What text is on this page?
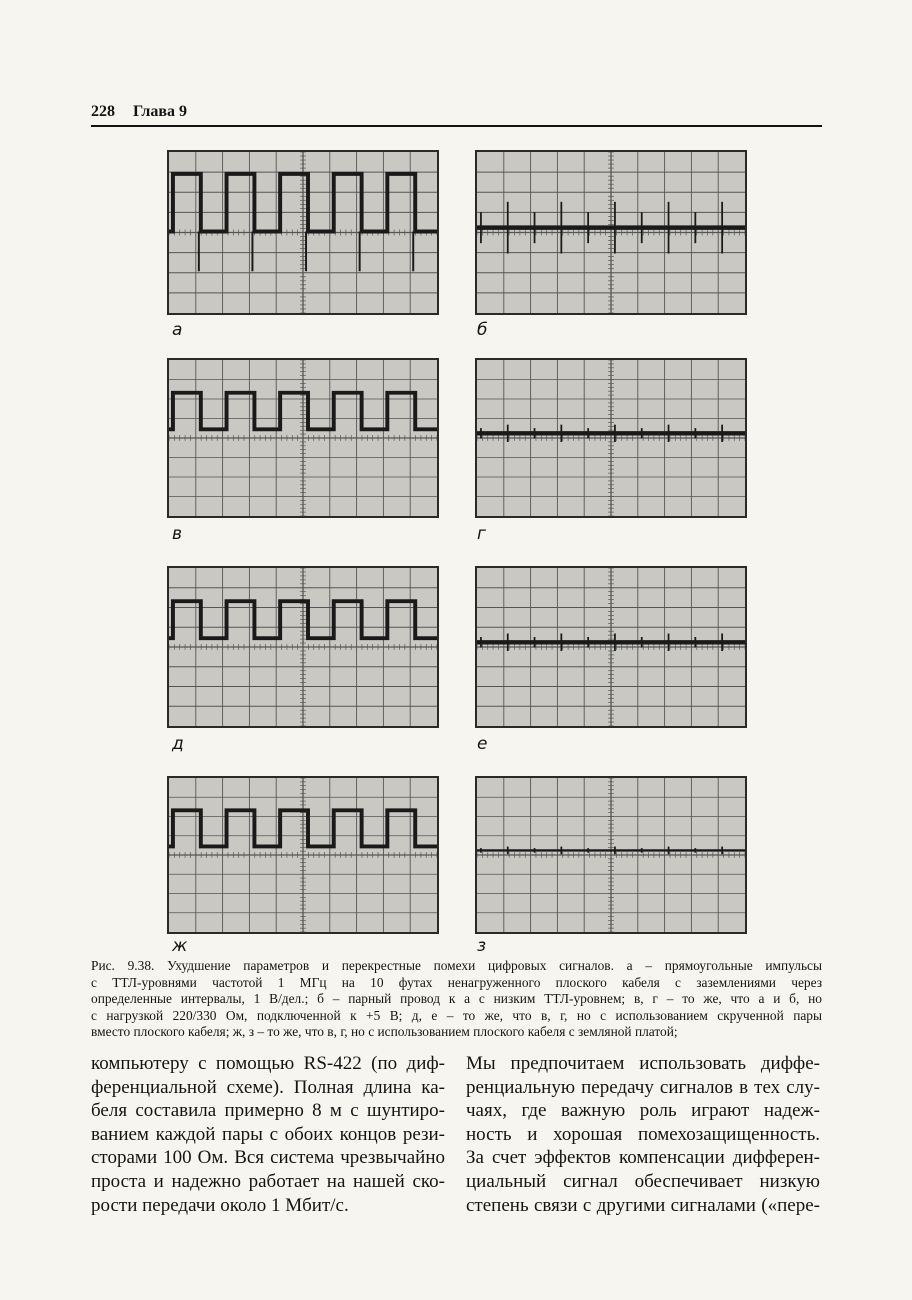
228 Глава 9
а	б
в	г
д	е
ж	з
Рис. 9.38. Ухудшение параметров и перекрестные помехи цифровых сигналов. а – прямоугольные импульсы
с ТТЛ-уровнями частотой 1 МГц на 10 футах ненагруженного плоского кабеля с заземлениями через
определенные интервалы, 1 В/дел.; б – парный провод к а с низким ТТЛ-уровнем; в, г – то же, что а и б, но
с нагрузкой 220/330 Ом, подключенной к +5 В; д, е – то же, что в, г, но с использованием скрученной пары
вместо плоского кабеля; ж, з – то же, что в, г, но с использованием плоского кабеля с земляной платой;
компьютеру с помощью RS-422 (по диф-
ференциальной схеме). Полная длина ка-
беля составила примерно 8 м с шунтиро-
ванием каждой пары с обоих концов рези-
сторами 100 Ом. Вся система чрезвычайно
проста и надежно работает на нашей ско-
рости передачи около 1 Мбит/с.
Мы предпочитаем использовать диффе-
ренциальную передачу сигналов в тех слу-
чаях, где важную роль играют надеж-
ность и хорошая помехозащищенность.
За счет эффектов компенсации дифферен-
циальный сигнал обеспечивает низкую
степень связи с другими сигналами («пере-
